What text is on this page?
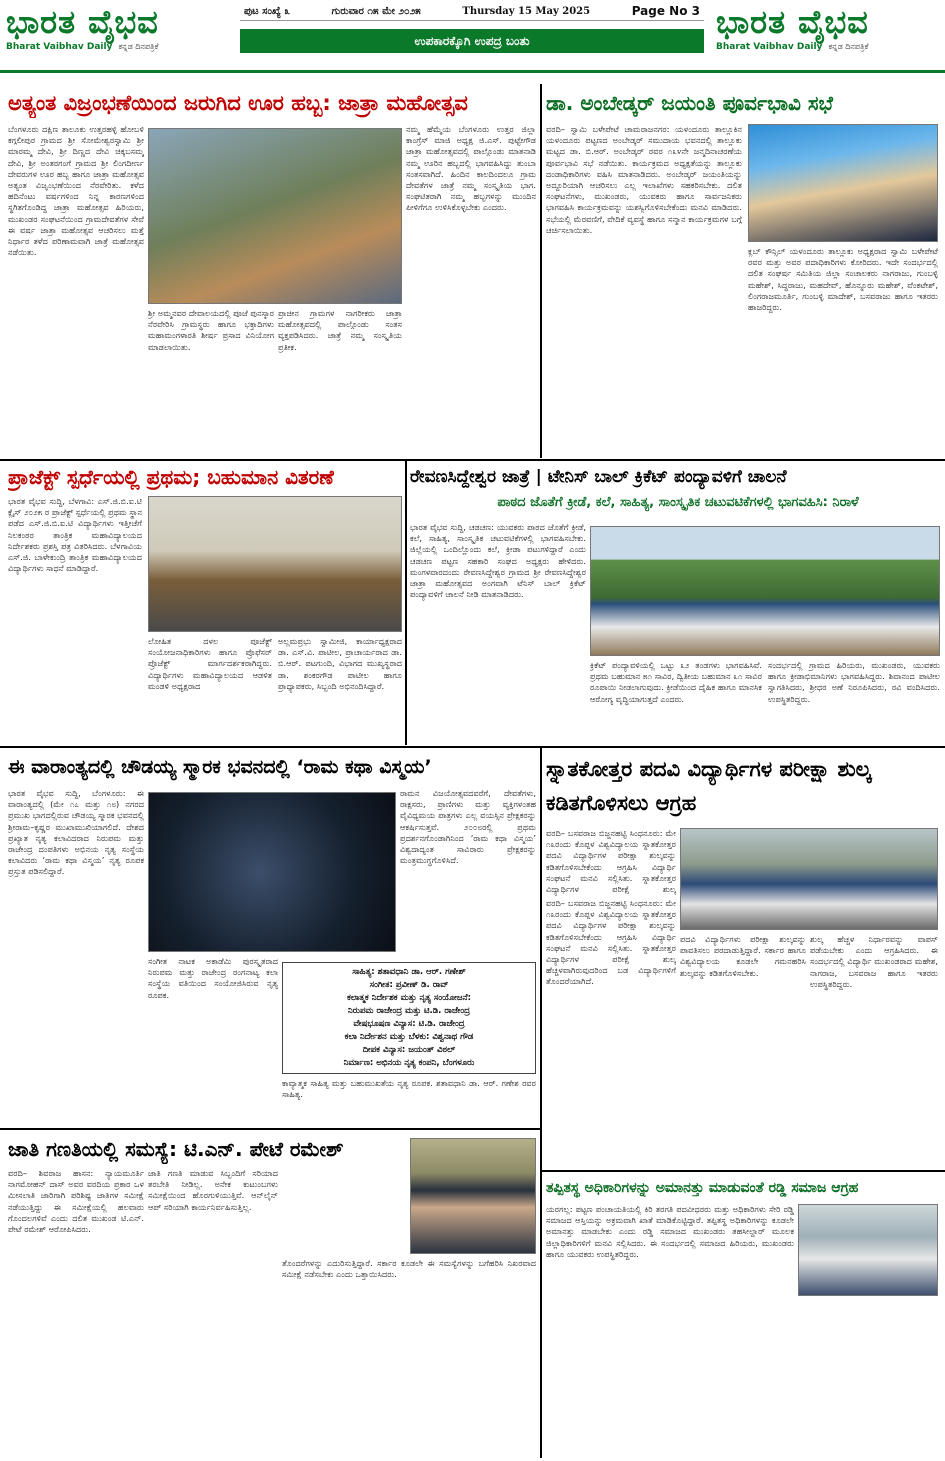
ಭಾರತ ವೈಭವ
Bharat Vaibhav Daily ಕನ್ನಡ ದಿನಪತ್ರಿಕೆ
ಪುಟ ಸಂಖ್ಯೆ ೩	ಗುರುವಾರ ೧೫ ಮೇ ೨೦೨೫	Thursday 15 May 2025	Page No 3
ಉಪಕಾರಕ್ಕೊಗಿ ಉಪದ್ರ ಬಂತು	ಭಾರತ ವೈಭವ
Bharat Vaibhav Daily ಕನ್ನಡ ದಿನಪತ್ರಿಕೆ
ಅತ್ಯಂತ ವಿಜ್ರಂಭಣೆಯಿಂದ ಜರುಗಿದ ಊರ ಹಬ್ಬ: ಜಾತ್ರಾ ಮಹೋತ್ಸವ
ಬೆಂಗಳೂರು ದಕ್ಷಿಣ ತಾಲೂಕು ಉತ್ತರಹಳ್ಳಿ ಹೋಬಳಿ ಕಗ್ಗಲೀಪುರ ಗ್ರಾಮದ ಶ್ರೀ ಸೋಮೇಶ್ವರಸ್ವಾಮಿ ಶ್ರೀ ಮಾರಮ್ಮ ದೇವಿ, ಶ್ರೀ ದಿಣ್ಣದ ದೇವಿ ಚಿಕ್ಕಬಸಮ್ಮ ದೇವಿ, ಶ್ರೀ ಅಂತರಗಂಗೆ ಗ್ರಾಮದ ಶ್ರೀ ಲಿಂಗದೀರ್ಣ ದೇವರುಗಳ ಊರ ಹಬ್ಬ ಹಾಗೂ ಜಾತ್ರಾ ಮಹೋತ್ಸವ ಅತ್ಯಂತ ವಿಜೃಂಭಣೆಯಿಂದ ನೆರವೇರಿತು. ಕಳೆದ ಹದಿನೆಂಟು ವರ್ಷಗಳಿಂದ ನಿನ್ನ ಕಾರಣಗಳಿಂದ ಸ್ಥಗಿತಗೊಂಡಿದ್ದ ಜಾತ್ರಾ ಮಹೋತ್ಸವ ಹಿರಿಯರು, ಮುಖಂಡರ ಸಂಘಟನೆಯಿಂದ ಗ್ರಾಮದೇವತೆಗಳ ಸೇವೆ ಈ ವರ್ಷ ಜಾತ್ರಾ ಮಹೋತ್ಸವ ಆಚರಿಸಲು ಮತ್ತೆ ನಿರ್ಧಾರ ತಳೆದ ಪರಿಣಾಮವಾಗಿ ಜಾತ್ರೆ ಮಹೋತ್ಸವ ನಡೆಯಿತು.
ಶ್ರೀ ಅಮ್ಮನವರ ದೇವಾಲಯದಲ್ಲಿ ಪೂಜೆ ಪುನಸ್ಕಾರ ನೆರವೇರಿಸಿ ಗ್ರಾಮಸ್ಥರು ಹಾಗೂ ಭಕ್ತಾದಿಗಳು ಮಹಾಮಂಗಳಾರತಿ ಶೀರ್ಷ ಪ್ರಸಾದ ವಿನಿಯೋಗ ಮಾಡಲಾಯಿತು.
ಪ್ರಾಚೀನ ಗ್ರಾಮಗಳ ನಾಗರೀಕರು ಜಾತ್ರಾ ಮಹೋತ್ಸವದಲ್ಲಿ ಪಾಲ್ಗೊಂಡು ಸಂತಸ ವ್ಯಕ್ತಪಡಿಸಿದರು. ಜಾತ್ರೆ ನಮ್ಮ ಸಂಸ್ಕೃತಿಯ ಪ್ರತೀಕ.
ನಮ್ಮ ಹೆಮ್ಮೆಯ ಬೆಂಗಳೂರು ಉತ್ತರ ಜಿಲ್ಲಾ ಕಾಂಗ್ರೆಸ್ ಮಾಜಿ ಅಧ್ಯಕ್ಷ ಜಿ.ಎಸ್. ಪುಟ್ಟೇಗೌಡ ಜಾತ್ರಾ ಮಹೋತ್ಸವದಲ್ಲಿ ಪಾಲ್ಗೊಂಡು ಮಾತನಾಡಿ ನಮ್ಮ ಊರಿನ ಹಬ್ಬದಲ್ಲಿ ಭಾಗವಹಿಸಿದ್ದು ತುಂಬಾ ಸಂತಸವಾಗಿದೆ. ಹಿಂದಿನ ಕಾಲದಿಂದಲೂ ಗ್ರಾಮ ದೇವತೆಗಳ ಜಾತ್ರೆ ನಮ್ಮ ಸಂಸ್ಕೃತಿಯ ಭಾಗ. ಸಂಘಟಿತರಾಗಿ ನಮ್ಮ ಹಬ್ಬಗಳನ್ನು ಮುಂದಿನ ಪೀಳಿಗೆಗೂ ಉಳಿಸಿಕೊಳ್ಳಬೇಕು ಎಂದರು.
ಡಾ. ಅಂಬೇಡ್ಕರ್ ಜಯಂತಿ ಪೂರ್ವಭಾವಿ ಸಭೆ
ವರದಿ– ಸ್ವಾಮಿ ಬಳೇಪೇಟೆ ಚಾಮರಾಜನಗರ: ಯಳಂದೂರು ತಾಲ್ಲೂಕಿನ ಯಳಂದೂರು ಪಟ್ಟಣದ ಅಂಬೇಡ್ಕರ್ ಸಮುದಾಯ ಭವನದಲ್ಲಿ ತಾಲ್ಲೂಕು ಮಟ್ಟದ ಡಾ. ಬಿ.ಆರ್. ಅಂಬೇಡ್ಕರ್ ರವರ ೧೩೪ನೇ ಜನ್ಮದಿನಾಚರಣೆಯ ಪೂರ್ವಭಾವಿ ಸಭೆ ನಡೆಯಿತು. ಕಾರ್ಯಕ್ರಮದ ಅಧ್ಯಕ್ಷತೆಯನ್ನು ತಾಲ್ಲೂಕು ದಂಡಾಧಿಕಾರಿಗಳು ವಹಿಸಿ ಮಾತನಾಡಿದರು. ಅಂಬೇಡ್ಕರ್ ಜಯಂತಿಯನ್ನು ಅದ್ದೂರಿಯಾಗಿ ಆಚರಿಸಲು ಎಲ್ಲ ಇಲಾಖೆಗಳು ಸಹಕರಿಸಬೇಕು. ದಲಿತ ಸಂಘಟನೆಗಳು, ಮುಖಂಡರು, ಯುವಕರು ಹಾಗೂ ಸಾರ್ವಜನಿಕರು ಭಾಗವಹಿಸಿ ಕಾರ್ಯಕ್ರಮವನ್ನು ಯಶಸ್ವಿಗೊಳಿಸಬೇಕೆಂದು ಮನವಿ ಮಾಡಿದರು. ಸಭೆಯಲ್ಲಿ ಮೆರವಣಿಗೆ, ವೇದಿಕೆ ವ್ಯವಸ್ಥೆ ಹಾಗೂ ಸನ್ಮಾನ ಕಾರ್ಯಕ್ರಮಗಳ ಬಗ್ಗೆ ಚರ್ಚಿಸಲಾಯಿತು.
ಕ್ಲಬ್ ಕೌನ್ಸಿಲ್ ಯಳಂದೂರು ತಾಲ್ಲೂಕು ಅಧ್ಯಕ್ಷರಾದ ಸ್ವಾಮಿ ಬಳೇಪೇಟೆ ರವರ ಮತ್ತು ಅವರ ಪದಾಧಿಕಾರಿಗಳು ಕೋರಿದರು. ಇದೇ ಸಂದರ್ಭದಲ್ಲಿ ದಲಿತ ಸಂಘರ್ಷ ಸಮಿತಿಯ ಜಿಲ್ಲಾ ಸಂಚಾಲಕರು ನಾಗರಾಜು, ಗುಂಬಳ್ಳಿ ಮಹೇಶ್, ಸಿದ್ದರಾಜು, ಮಹದೇವ್, ಹೊನ್ನೂರು ಮಹೇಶ್, ವೆಂಕಟೇಶ್, ಲಿಂಗರಾಜಮೂರ್ತಿ, ಗುಂಬಳ್ಳಿ ಮಾದೇಶ್, ಬಸವರಾಜು ಹಾಗೂ ಇತರರು ಹಾಜರಿದ್ದರು.
ಪ್ರಾಜೆಕ್ಟ್ ಸ್ಪರ್ಧೆಯಲ್ಲಿ ಪ್ರಥಮ; ಬಹುಮಾನ ವಿತರಣೆ
ಭಾರತ ವೈಭವ ಸುದ್ದಿ, ಬೆಳಗಾವಿ: ಎಸ್.ಜಿ.ಬಿ.ಐ.ಟಿ ಕ್ಲೈಸ್ ೨೦೨೫ ರ ಪ್ರಾಜೆಕ್ಟ್ ಸ್ಪರ್ಧೆಯಲ್ಲಿ ಪ್ರಥಮ ಸ್ಥಾನ ಪಡೆದ ಎಸ್.ಜಿ.ಬಿ.ಐ.ಟಿ ವಿದ್ಯಾರ್ಥಿಗಳು ಇತ್ತೀಚೆಗೆ ನಿಲಕಂಠರ ತಾಂತ್ರಿಕ ಮಹಾವಿದ್ಯಾಲಯದ ನಿರ್ದೇಶಕರು ಪ್ರಶಸ್ತಿ ಪತ್ರ ವಿತರಿಸಿದರು. ಬೆಳಗಾವಿಯ ಎಸ್.ಜಿ. ಬಾಳೇಕುಂದ್ರಿ ತಾಂತ್ರಿಕ ಮಹಾವಿದ್ಯಾಲಯದ ವಿದ್ಯಾರ್ಥಿಗಳು ಸಾಧನೆ ಮಾಡಿದ್ದಾರೆ.
ಲೋಹಿತ ದಳಲ ಪೂಜೆಕ್ಟ್ ಸಂಯೋಜನಾಧಿಕಾರಿಗಳು ಹಾಗೂ ಪ್ರೊಫೆಸರ್ ಪ್ರೊಜೆಕ್ಟ್ ಮಾರ್ಗದರ್ಶಕರಾಗಿದ್ದರು. ವಿದ್ಯಾರ್ಥಿಗಳು ಮಹಾವಿದ್ಯಾಲಯದ ಆಡಳಿತ ಮಂಡಳಿ ಅಧ್ಯಕ್ಷರಾದ
ಅಲ್ಲಮಪ್ರಭು ಸ್ವಾಮೀಜಿ, ಕಾರ್ಯಾಧ್ಯಕ್ಷರಾದ ಡಾ. ಎಸ್.ವಿ. ಪಾಟೀಲ, ಪ್ರಾಚಾರ್ಯರಾದ ಡಾ. ಬಿ.ಆರ್. ಪಟಗುಂದಿ, ವಿಭಾಗದ ಮುಖ್ಯಸ್ಥರಾದ ಡಾ. ಶಂಕರಗೌಡ ಪಾಟೀಲ ಹಾಗೂ ಪ್ರಾಧ್ಯಾಪಕರು, ಸಿಬ್ಬಂದಿ ಅಭಿನಂದಿಸಿದ್ದಾರೆ.
ರೇವಣಸಿದ್ದೇಶ್ವರ ಜಾತ್ರೆ | ಟೇನಿಸ್ ಬಾಲ್ ಕ್ರಿಕೆಟ್ ಪಂದ್ಯಾವಳಿಗೆ ಚಾಲನೆ
ಪಾಠದ ಜೊತೆಗೆ ಕ್ರೀಡೆ, ಕಲೆ, ಸಾಹಿತ್ಯ, ಸಾಂಸ್ಕೃತಿಕ ಚಟುವಟಿಕೆಗಳಲ್ಲಿ ಭಾಗವಹಿಸಿ: ನಿರಾಳೆ
ಭಾರತ ವೈಭವ ಸುದ್ದಿ, ಚಡಚಣ: ಯುವಕರು ಪಾಠದ ಜೊತೆಗೆ ಕ್ರೀಡೆ, ಕಲೆ, ಸಾಹಿತ್ಯ, ಸಾಂಸ್ಕೃತಿಕ ಚಟುವಟಿಕೆಗಳಲ್ಲಿ ಭಾಗವಹಿಸಬೇಕು. ಜಿಲ್ಲೆಯಲ್ಲಿ ಒಂದಿಲ್ಲೊಂದು ಕಲೆ, ಕ್ರೀಡಾ ಪಟುಗಳಿದ್ದಾರೆ ಎಂದು ಚಡಚಣ ಪಟ್ಟಣ ಸಹಕಾರಿ ಸಂಘದ ಅಧ್ಯಕ್ಷರು ಹೇಳಿದರು. ಮಂಗಳವಾರದಂದು ರೇವಣಸಿದ್ದೇಶ್ವರ ಗ್ರಾಮದ ಶ್ರೀ ರೇವಣಸಿದ್ದೇಶ್ವರ ಜಾತ್ರಾ ಮಹೋತ್ಸವದ ಅಂಗವಾಗಿ ಟೆನಿಸ್ ಬಾಲ್ ಕ್ರಿಕೆಟ್ ಪಂದ್ಯಾವಳಿಗೆ ಚಾಲನೆ ನೀಡಿ ಮಾತನಾಡಿದರು.
ಕ್ರಿಕೆಟ್ ಪಂದ್ಯಾವಳಿಯಲ್ಲಿ ಒಟ್ಟು ೩೨ ತಂಡಗಳು ಭಾಗವಹಿಸಿವೆ. ಪ್ರಥಮ ಬಹುಮಾನ ೫೧ ಸಾವಿರ, ದ್ವಿತೀಯ ಬಹುಮಾನ ೩೧ ಸಾವಿರ ರೂಪಾಯಿ ನೀಡಲಾಗುವುದು. ಕ್ರೀಡೆಯಿಂದ ದೈಹಿಕ ಹಾಗೂ ಮಾನಸಿಕ ಆರೋಗ್ಯ ವೃದ್ಧಿಯಾಗುತ್ತದೆ ಎಂದರು.
ಸಂದರ್ಭದಲ್ಲಿ ಗ್ರಾಮದ ಹಿರಿಯರು, ಮುಖಂಡರು, ಯುವಕರು ಹಾಗೂ ಕ್ರೀಡಾಭಿಮಾನಿಗಳು ಭಾಗವಹಿಸಿದ್ದರು. ಶಿವಾನಂದ ಪಾಟೀಲ ಸ್ವಾಗತಿಸಿದರು, ಶ್ರೀಧರ ಅಣೆ ನಿರೂಪಿಸಿದರು, ರವಿ ವಂದಿಸಿದರು. ಉಪಸ್ಥಿತರಿದ್ದರು.
ಈ ವಾರಾಂತ್ಯದಲ್ಲಿ ಚೌಡಯ್ಯ ಸ್ಮಾರಕ ಭವನದಲ್ಲಿ ‘ರಾಮ ಕಥಾ ವಿಸ್ಮಯ’
ಭಾರತ ವೈಭವ ಸುದ್ದಿ, ಬೆಂಗಳೂರು: ಈ ವಾರಾಂತ್ಯದಲ್ಲಿ (ಮೇ ೧೭ ಮತ್ತು ೧೮) ನಗರದ ಪ್ರಮುಖ ಭಾಗದಲ್ಲಿರುವ ಚೌಡಯ್ಯ ಸ್ಮಾರಕ ಭವನದಲ್ಲಿ ಶ್ರೀರಾಮ–ಕೃಷ್ಣರ ಮುಖಾಮುಖಿಯಾಗಲಿದೆ. ದೇಶದ ಪ್ರಖ್ಯಾತ ನೃತ್ಯ ಕಲಾವಿದರಾದ ನಿರುಪಮ ಮತ್ತು ರಾಜೇಂದ್ರ ದಂಪತಿಗಳು ಅಭಿನಯ ನೃತ್ಯ ಸಂಸ್ಥೆಯ ಕಲಾವಿದರು ‘ರಾಮ ಕಥಾ ವಿಸ್ಮಯ’ ನೃತ್ಯ ರೂಪಕ ಪ್ರಸ್ತುತ ಪಡಿಸಲಿದ್ದಾರೆ.
ಸಂಗೀತ ನಾಟಕ ಅಕಾಡೆಮಿ ಪುರಸ್ಕೃತರಾದ ನಿರುಪಮ ಮತ್ತು ರಾಜೇಂದ್ರ ರಂಗನಾಟ್ಯ ಕಲಾ ಸಂಸ್ಥೆಯ ವತಿಯಿಂದ ಸಂಯೋಜಿಸಿರುವ ನೃತ್ಯ ರೂಪಕ.
ರಾಮನ ವಿಜಯೋತ್ಸವದವರೆಗೆ, ದೇವತೆಗಳು, ರಾಕ್ಷಸರು, ಪ್ರಾಣಿಗಳು ಮತ್ತು ವ್ಯಕ್ತಿಗಳಂತಹ ವೈವಿಧ್ಯಮಯ ಪಾತ್ರಗಳು ಎಲ್ಲ ವಯಸ್ಸಿನ ಪ್ರೇಕ್ಷಕರನ್ನು ಆಕರ್ಷಿಸುತ್ತವೆ. ೨೦೦೮ರಲ್ಲಿ ಪ್ರಥಮ ಪ್ರದರ್ಶನಗೊಂಡಾಗಿನಿಂದ ‘ರಾಮ ಕಥಾ ವಿಸ್ಮಯ’ ವಿಶ್ವದಾದ್ಯಂತ ಸಾವಿರಾರು ಪ್ರೇಕ್ಷಕರನ್ನು ಮಂತ್ರಮುಗ್ಧಗೊಳಿಸಿದೆ.
ಸಾಹಿತ್ಯ: ಶತಾವಧಾನಿ ಡಾ. ಆರ್. ಗಣೇಶ್
ಸಂಗೀತ: ಪ್ರವೀಣ್ ಡಿ. ರಾವ್
ಕಲಾತ್ಮಕ ನಿರ್ದೇಶಕ ಮತ್ತು ನೃತ್ಯ ಸಂಯೋಜನೆ:
ನಿರುಪಮ ರಾಜೇಂದ್ರ ಮತ್ತು ಟಿ.ಡಿ. ರಾಜೇಂದ್ರ
ವೇಷಭೂಷಣ ವಿನ್ಯಾಸ: ಟಿ.ಡಿ. ರಾಜೇಂದ್ರ
ಕಲಾ ನಿರ್ದೇಶನ ಮತ್ತು ಬೆಳಕು: ವಿಶ್ವನಾಥ ಗೌಡ
ದೀಪಕ ವಿನ್ಯಾಸ: ಜಯಂತ್ ವಿಠಲ್
ನಿರ್ಮಾಣ: ಅಭಿನಯ ನೃತ್ಯ ಕಂಪನಿ, ಬೆಂಗಳೂರು
ಕಾವ್ಯಾತ್ಮಕ ಸಾಹಿತ್ಯ ಮತ್ತು ಬಹುಮುಖತೆಯ ನೃತ್ಯ ರೂಪಕ. ಶತಾವಧಾನಿ ಡಾ. ಆರ್. ಗಣೇಶ ರವರ ಸಾಹಿತ್ಯ.
ಸ್ನಾತಕೋತ್ತರ ಪದವಿ ವಿದ್ಯಾರ್ಥಿಗಳ ಪರೀಕ್ಷಾ ಶುಲ್ಕ ಕಡಿತಗೊಳಿಸಲು ಆಗ್ರಹ
ವರದಿ– ಬಸವರಾಜ ಬಿಜ್ಜನಹಟ್ಟಿ ಸಿಂಧನೂರು: ಮೇ ೧೩ರಂದು ಕೊಪ್ಪಳ ವಿಶ್ವವಿದ್ಯಾಲಯ ಸ್ನಾತಕೋತ್ತರ ಪದವಿ ವಿದ್ಯಾರ್ಥಿಗಳ ಪರೀಕ್ಷಾ ಶುಲ್ಕವನ್ನು ಕಡಿತಗೊಳಿಸಬೇಕೆಂದು ಆಗ್ರಹಿಸಿ ವಿದ್ಯಾರ್ಥಿ ಸಂಘಟನೆ ಮನವಿ ಸಲ್ಲಿಸಿತು. ಸ್ನಾತಕೋತ್ತರ ವಿದ್ಯಾರ್ಥಿಗಳ ಪರೀಕ್ಷೆ ಶುಲ್ಕ
ವರದಿ– ಬಸವರಾಜ ಬಿಜ್ಜನಹಟ್ಟಿ ಸಿಂಧನೂರು: ಮೇ ೧೩ರಂದು ಕೊಪ್ಪಳ ವಿಶ್ವವಿದ್ಯಾಲಯ ಸ್ನಾತಕೋತ್ತರ ಪದವಿ ವಿದ್ಯಾರ್ಥಿಗಳ ಪರೀಕ್ಷಾ ಶುಲ್ಕವನ್ನು ಕಡಿತಗೊಳಿಸಬೇಕೆಂದು ಆಗ್ರಹಿಸಿ ವಿದ್ಯಾರ್ಥಿ ಸಂಘಟನೆ ಮನವಿ ಸಲ್ಲಿಸಿತು. ಸ್ನಾತಕೋತ್ತರ ವಿದ್ಯಾರ್ಥಿಗಳ ಪರೀಕ್ಷೆ ಶುಲ್ಕ ಹೆಚ್ಚಳವಾಗಿರುವುದರಿಂದ ಬಡ ವಿದ್ಯಾರ್ಥಿಗಳಿಗೆ ತೊಂದರೆಯಾಗಿದೆ.
ಪದವಿ ವಿದ್ಯಾರ್ಥಿಗಳು ಪರೀಕ್ಷಾ ಶುಲ್ಕವನ್ನು ಪಾವತಿಸಲು ಪರದಾಡುತ್ತಿದ್ದಾರೆ. ಸರ್ಕಾರ ಹಾಗೂ ವಿಶ್ವವಿದ್ಯಾಲಯ ಕೂಡಲೇ ಗಮನಹರಿಸಿ ಶುಲ್ಕವನ್ನು ಕಡಿತಗೊಳಿಸಬೇಕು.
ಶುಲ್ಕ ಹೆಚ್ಚಳ ನಿರ್ಧಾರವನ್ನು ವಾಪಸ್ ಪಡೆಯಬೇಕು ಎಂದು ಆಗ್ರಹಿಸಿದರು. ಈ ಸಂದರ್ಭದಲ್ಲಿ ವಿದ್ಯಾರ್ಥಿ ಮುಖಂಡರಾದ ಮಹೇಶ, ನಾಗರಾಜ, ಬಸವರಾಜ ಹಾಗೂ ಇತರರು ಉಪಸ್ಥಿತರಿದ್ದರು.
ಜಾತಿ ಗಣತಿಯಲ್ಲಿ ಸಮಸ್ಯೆ: ಟಿ.ಎನ್. ಪೇಟೆ ರಮೇಶ್
ವರದಿ– ಶಿವರಾಜ ಹಾಸನ: ನ್ಯಾಯಮೂರ್ತಿ ನಾಗಮೋಹನ್ ದಾಸ್ ಅವರ ವರದಿಯ ಪ್ರಕಾರ ಒಳ ಮೀಸಲಾತಿ ಜಾರಿಗಾಗಿ ಪರಿಶಿಷ್ಟ ಜಾತಿಗಳ ಸಮೀಕ್ಷೆ ನಡೆಯುತ್ತಿದ್ದು ಈ ಸಮೀಕ್ಷೆಯಲ್ಲಿ ಹಲವಾರು ಗೊಂದಲಗಳಿವೆ ಎಂದು ದಲಿತ ಮುಖಂಡ ಟಿ.ಎನ್. ಪೇಟೆ ರಮೇಶ್ ಆರೋಪಿಸಿದರು.
ಜಾತಿ ಗಣತಿ ಮಾಡುವ ಸಿಬ್ಬಂದಿಗೆ ಸರಿಯಾದ ತರಬೇತಿ ನೀಡಿಲ್ಲ. ಅನೇಕ ಕುಟುಂಬಗಳು ಸಮೀಕ್ಷೆಯಿಂದ ಹೊರಗುಳಿಯುತ್ತಿವೆ. ಆನ್‌ಲೈನ್ ಆಪ್ ಸರಿಯಾಗಿ ಕಾರ್ಯನಿರ್ವಹಿಸುತ್ತಿಲ್ಲ.
ತೊಂದರೆಗಳನ್ನು ಎದುರಿಸುತ್ತಿದ್ದಾರೆ. ಸರ್ಕಾರ ಕೂಡಲೇ ಈ ಸಮಸ್ಯೆಗಳನ್ನು ಬಗೆಹರಿಸಿ ನಿಖರವಾದ ಸಮೀಕ್ಷೆ ನಡೆಸಬೇಕು ಎಂದು ಒತ್ತಾಯಿಸಿದರು.
ತಪ್ಪಿತಸ್ಥ ಅಧಿಕಾರಿಗಳನ್ನು ಅಮಾನತ್ತು ಮಾಡುವಂತೆ ರಡ್ಡಿ ಸಮಾಜ ಆಗ್ರಹ
ಯರಗಲ್ಲ: ಪಟ್ಟಣ ಪಂಚಾಯತಿಯಲ್ಲಿ ಕಿರಿ ತರಗತಿ ಪದವೀಧರರು ಮತ್ತು ಅಧಿಕಾರಿಗಳು ಸೇರಿ ರಡ್ಡಿ ಸಮಾಜದ ಆಸ್ತಿಯನ್ನು ಅಕ್ರಮವಾಗಿ ಖಾತೆ ಮಾಡಿಕೊಟ್ಟಿದ್ದಾರೆ. ತಪ್ಪಿತಸ್ಥ ಅಧಿಕಾರಿಗಳನ್ನು ಕೂಡಲೇ ಅಮಾನತ್ತು ಮಾಡಬೇಕು ಎಂದು ರಡ್ಡಿ ಸಮಾಜದ ಮುಖಂಡರು ತಹಸೀಲ್ದಾರ್ ಮೂಲಕ ಜಿಲ್ಲಾಧಿಕಾರಿಗಳಿಗೆ ಮನವಿ ಸಲ್ಲಿಸಿದರು. ಈ ಸಂದರ್ಭದಲ್ಲಿ ಸಮಾಜದ ಹಿರಿಯರು, ಮುಖಂಡರು ಹಾಗೂ ಯುವಕರು ಉಪಸ್ಥಿತರಿದ್ದರು.
